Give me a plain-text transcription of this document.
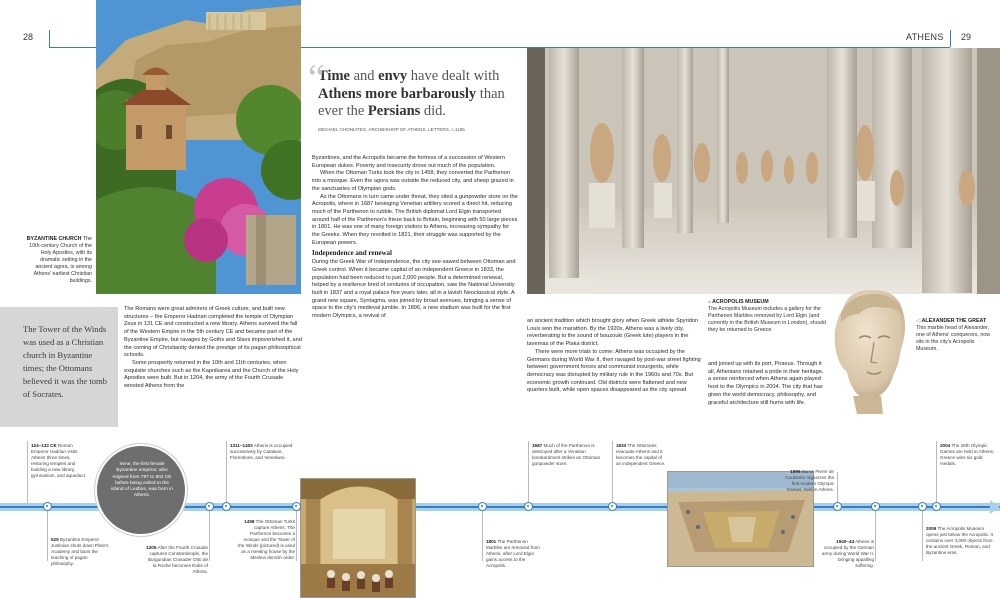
28	ATHENS 29
BYZANTINE CHURCH The 10th-century Church of the Holy Apostles, with its dramatic setting in the ancient agora, is among Athens' earliest Christian buildings.
“
Time and envy have dealt with Athens more barbarously than ever the Persians did.
MICHAEL CHONIATES, ARCHBISHOP OF ATHENS, LETTERS, c.1185

Byzantines, and the Acropolis became the fortress of a succession of Western European dukes. Poverty and insecurity drove out much of the population.

When the Ottoman Turks took the city in 1458, they converted the Parthenon into a mosque. Even the agora was outside the reduced city, and sheep grazed in the sanctuaries of Olympian gods.

As the Ottomans in turn came under threat, they sited a gunpowder store on the Acropolis, where in 1687 besieging Venetian artillery scored a direct hit, reducing much of the Parthenon to rubble. The British diplomat Lord Elgin transported around half of the Parthenon's frieze back to Britain, beginning with 50 large pieces in 1801. He was one of many foreign visitors to Athens, increasing sympathy for the Greeks. When they revolted in 1821, their struggle was supported by the European powers.

Independence and renewal

During the Greek War of Independence, the city see-sawed between Ottoman and Greek control. When it became capital of an independent Greece in 1833, the population had been reduced to just 2,000 people. But a determined renewal, helped by a resilience bred of centuries of occupation, saw the National University built in 1837 and a royal palace five years later, all in a lavish Neoclassical style. A grand new square, Syntagma, was joined by broad avenues, bringing a sense of space to the city's medieval jumble. In 1896, a new stadium was built for the first modern Olympics, a revival of

The Tower of the Winds was used as a Christian church in Byzantine times; the Ottomans believed it was the tomb of Socrates.

The Romans were great admirers of Greek culture, and built new structures – the Emperor Hadrian completed the temple of Olympian Zeus in 131 CE and constructed a new library. Athens survived the fall of the Western Empire in the 5th century CE and became part of the Byzantine Empire, but ravages by Goths and Slavs impoverished it, and the coming of Christianity dented the prestige of its pagan philosophical schools.

Some prosperity returned in the 10th and 11th centuries, when exquisite churches such as the Kapnikarea and the Church of the Holy Apostles were built. But in 1204, the army of the Fourth Crusade wrested Athens from the

an ancient tradition which brought glory when Greek athlete Spyridon Louis won the marathon. By the 1920s, Athens was a lively city, reverberating to the sound of bouzouki (Greek lute) players in the tavernas of the Plaka district.

There were more trials to come: Athens was occupied by the Germans during World War II, then ravaged by post-war street fighting between government forces and communist insurgents, while democracy was disrupted by military rule in the 1960s and 70s. But economic growth continued. Old districts were flattened and new quarters built, while open spaces disappeared as the city spread

▵ ACROPOLIS MUSEUM
The Acropolis Museum includes a gallery for the Parthenon Marbles removed by Lord Elgin (and currently in the British Museum in London), should they be returned to Greece.

and joined up with its port, Piraeus. Through it all, Athenians retained a pride in their heritage, a sense reinforced when Athens again played host to the Olympics in 2004. The city that has given the world democracy, philosophy, and graceful architecture still hums with life.

◁ ALEXANDER THE GREAT
This marble head of Alexander, one of Athens' conquerors, now sits in the city's Acropolis Museum.
Irene, the first female Byzantine emperor, who reigned from 797 to 802 CE before being exiled to the island of Lesbos, was born in Athens.
124–132 CE Roman Emperor Hadrian visits Athens three times, restoring temples and building a new library, gymnasium, and aqueduct.
1311–1403 Athens is occupied successively by Catalans, Florentines, and Venetians.
1687 Much of the Parthenon is destroyed after a Venetian bombardment strikes an Ottoman gunpowder store.
1833 The Ottomans evacuate Athens and it becomes the capital of an independent Greece.
1896 Baron Pierre de Coubertin organizes the first modern Olympic Games, held in Athens.
2004 The 28th Olympic Games are held in Athens; Greece wins six gold medals.
529 Byzantine Emperor Justinian shuts down Plato's Academy and bans the teaching of pagan philosophy.
1205 After the Fourth Crusade captures Constantinople, the Burgundian Crusader Otto de la Roche becomes Duke of Athens.
1458 The Ottoman Turks capture Athens. The Parthenon becomes a mosque and the Tower of the Winds (pictured) is used as a meeting house by the Mevlevi dervish order.
1801 The Parthenon Marbles are removed from Athens, after Lord Elgin gains access to the Acropolis.
1940–44 Athens is occupied by the German army during World War II, bringing appalling suffering.
2009 The Acropolis Museum opens just below the Acropolis. It contains over 4,000 objects from the ancient Greek, Roman, and Byzantine eras.
